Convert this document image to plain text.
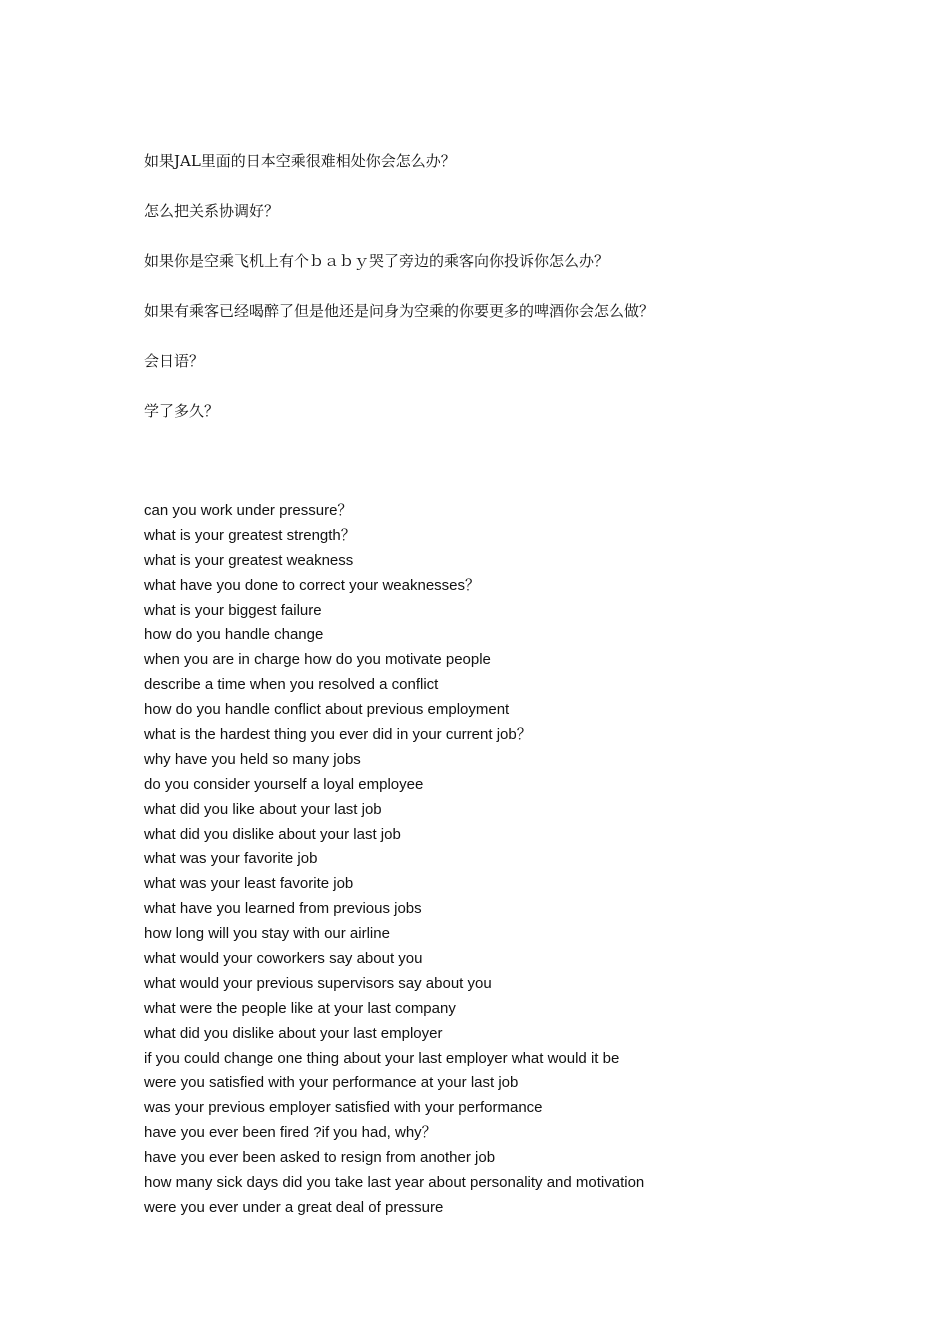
如果JAL里面的日本空乘很难相处你会怎么办？

怎么把关系协调好？

如果你是空乘飞机上有个ｂａｂｙ哭了旁边的乘客向你投诉你怎么办？

如果有乘客已经喝醉了但是他还是问身为空乘的你要更多的啤酒你会怎么做？

会日语？

学了多久？

can you work under pressure？

what is your greatest strength？

what is your greatest weakness

what have you done to correct your weaknesses？

what is your biggest failure

how do you handle change

when you are in charge how do you motivate people

describe a time when you resolved a conflict

how do you handle conflict about previous employment

what is the hardest thing you ever did in your current job？

why have you held so many jobs

do you consider yourself a loyal employee

what did you like about your last job

what did you dislike about your last job

what was your favorite job

what was your least favorite job

what have you learned from previous jobs

how long will you stay with our airline

what would your coworkers say about you

what would your previous supervisors say about you

what were the people like at your last company

what did you dislike about your last employer

if you could change one thing about your last employer what would it be

were you satisfied with your performance at your last job

was your previous employer satisfied with your performance

have you ever been fired ?if you had, why？

have you ever been asked to resign from another job

how many sick days did you take last year about personality and motivation

were you ever under a great deal of pressure
